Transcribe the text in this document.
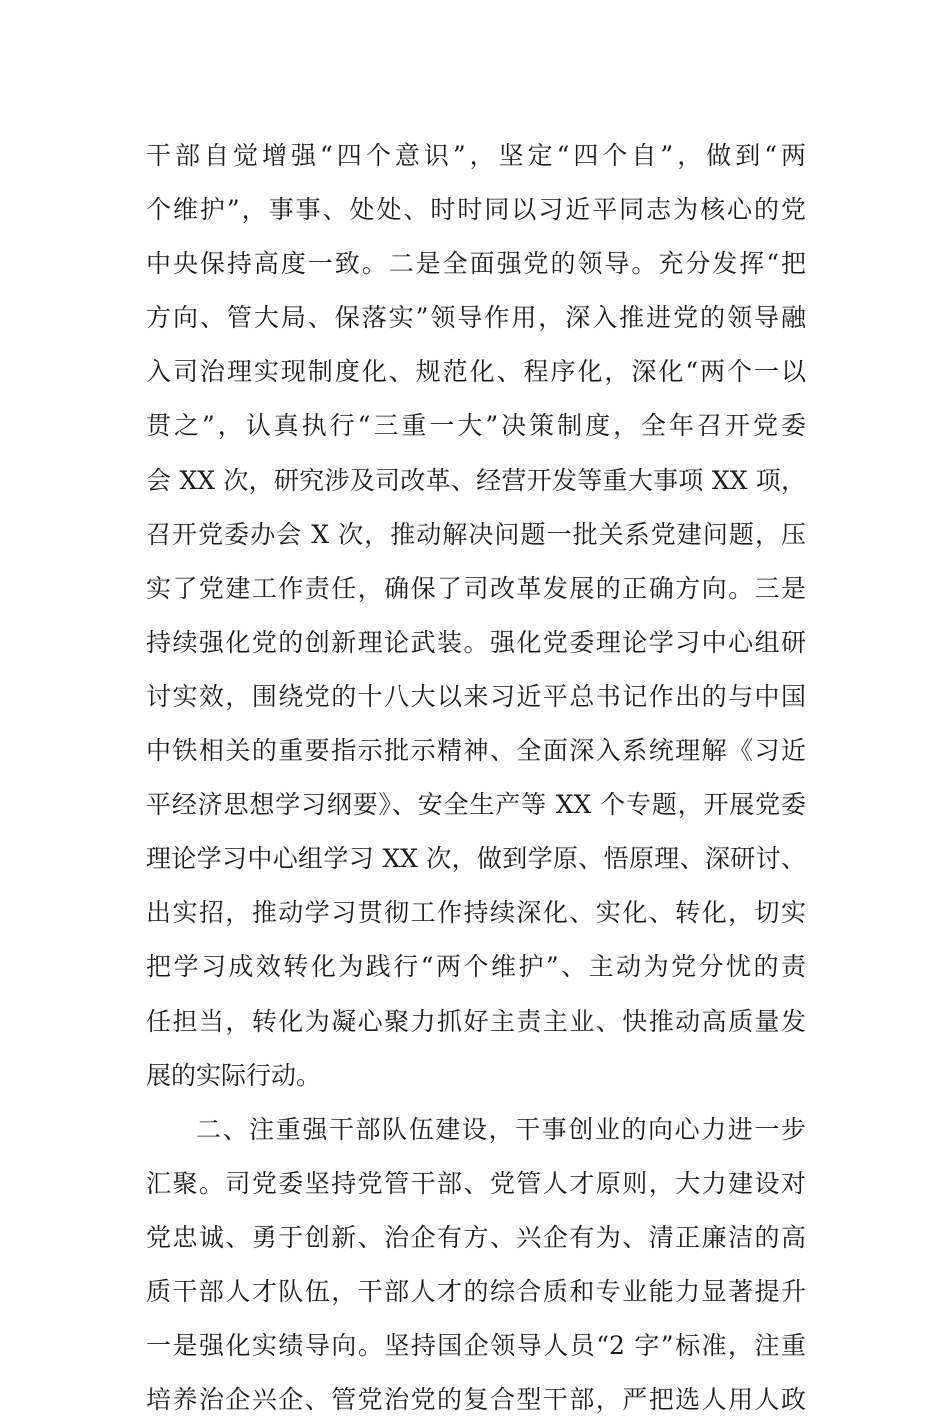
干部自觉增强“四个意识”，坚定“四个自”，做到“两
个维护”，事事、处处、时时同以习近平同志为核心的党
中央保持高度一致。二是全面强党的领导。充分发挥“把
方向、管大局、保落实”领导作用，深入推进党的领导融
入司治理实现制度化、规范化、程序化，深化“两个一以
贯之”，认真执行“三重一大”决策制度，全年召开党委
会 XX 次，研究涉及司改革、经营开发等重大事项 XX 项，
召开党委办会 X 次，推动解决问题一批关系党建问题，压
实了党建工作责任，确保了司改革发展的正确方向。三是
持续强化党的创新理论武装。强化党委理论学习中心组研
讨实效，围绕党的十八大以来习近平总书记作出的与中国
中铁相关的重要指示批示精神、全面深入系统理解《习近
平经济思想学习纲要》、安全生产等 XX 个专题，开展党委
理论学习中心组学习 XX 次，做到学原、悟原理、深研讨、
出实招，推动学习贯彻工作持续深化、实化、转化，切实
把学习成效转化为践行“两个维护”、主动为党分忧的责
任担当，转化为凝心聚力抓好主责主业、快推动高质量发
展的实际行动。
二、注重强干部队伍建设，干事创业的向心力进一步
汇聚。司党委坚持党管干部、党管人才原则，大力建设对
党忠诚、勇于创新、治企有方、兴企有为、清正廉洁的高
质干部人才队伍，干部人才的综合质和专业能力显著提升
一是强化实绩导向。坚持国企领导人员“2 字”标准，注重
培养治企兴企、管党治党的复合型干部，严把选人用人政
